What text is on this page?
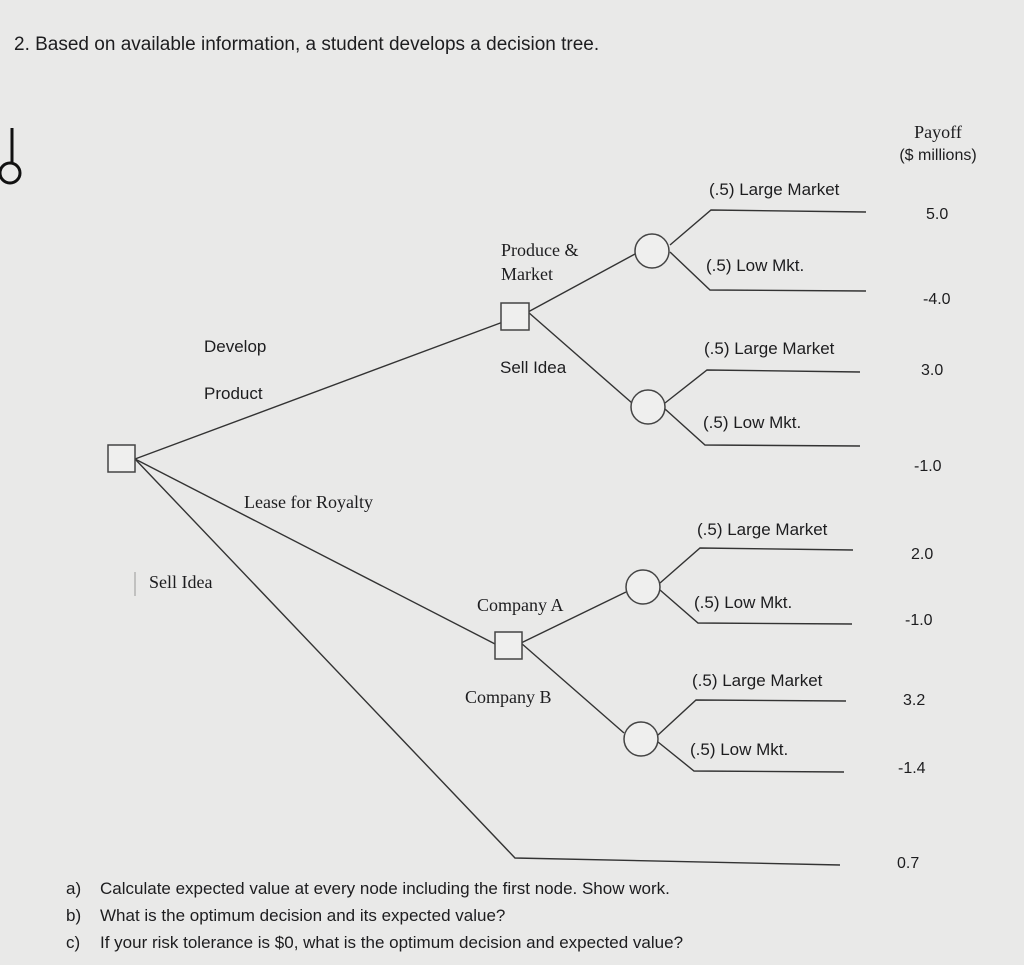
2. Based on available information, a student develops a decision tree.
Payoff
($ millions)
Develop
Product
Lease for Royalty
Sell Idea
Produce &
Market
Sell Idea
Company A
Company B
(.5) Large Market
(.5) Low Mkt.
(.5) Large Market
(.5) Low Mkt.
(.5) Large Market
(.5) Low Mkt.
(.5) Large Market
(.5) Low Mkt.
5.0
-4.0
3.0
-1.0
2.0
-1.0
3.2
-1.4
0.7
a) Calculate expected value at every node including the first node. Show work.
b) What is the optimum decision and its expected value?
c) If your risk tolerance is $0, what is the optimum decision and expected value?
